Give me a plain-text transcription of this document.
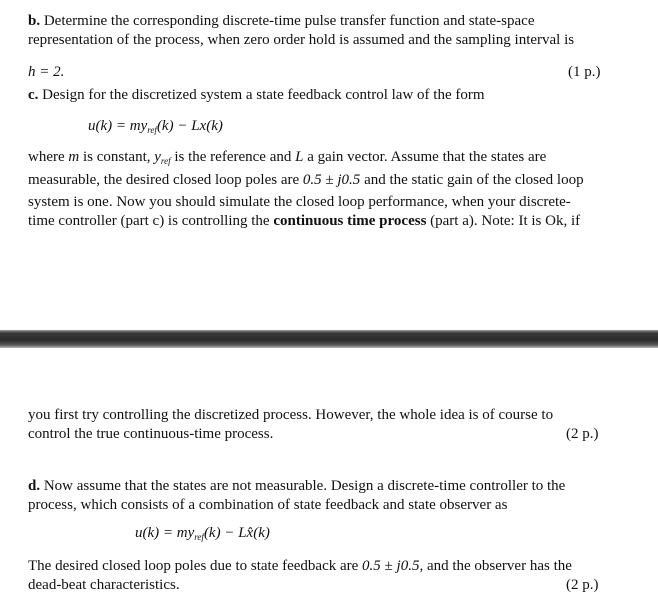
b. Determine the corresponding discrete-time pulse transfer function and state-space
representation of the process, when zero order hold is assumed and the sampling interval is
h = 2.	(1 p.)
c. Design for the discretized system a state feedback control law of the form
$u(k) = my_{ref}(k) - Lx(k)$
where m is constant, $y_{ref}$ is the reference and L a gain vector. Assume that the states are
measurable, the desired closed loop poles are 0.5 ± j0.5 and the static gain of the closed loop
system is one. Now you should simulate the closed loop performance, when your discrete-
time controller (part c) is controlling the continuous time process (part a). Note: It is Ok, if
you first try controlling the discretized process. However, the whole idea is of course to
control the true continuous-time process.	(2 p.)
d. Now assume that the states are not measurable. Design a discrete-time controller to the
process, which consists of a combination of state feedback and state observer as
$u(k) = my_{ref}(k)$ − Lx̂(k)
The desired closed loop poles due to state feedback are 0.5 ± j0.5, and the observer has the
dead-beat characteristics.	(2 p.)
